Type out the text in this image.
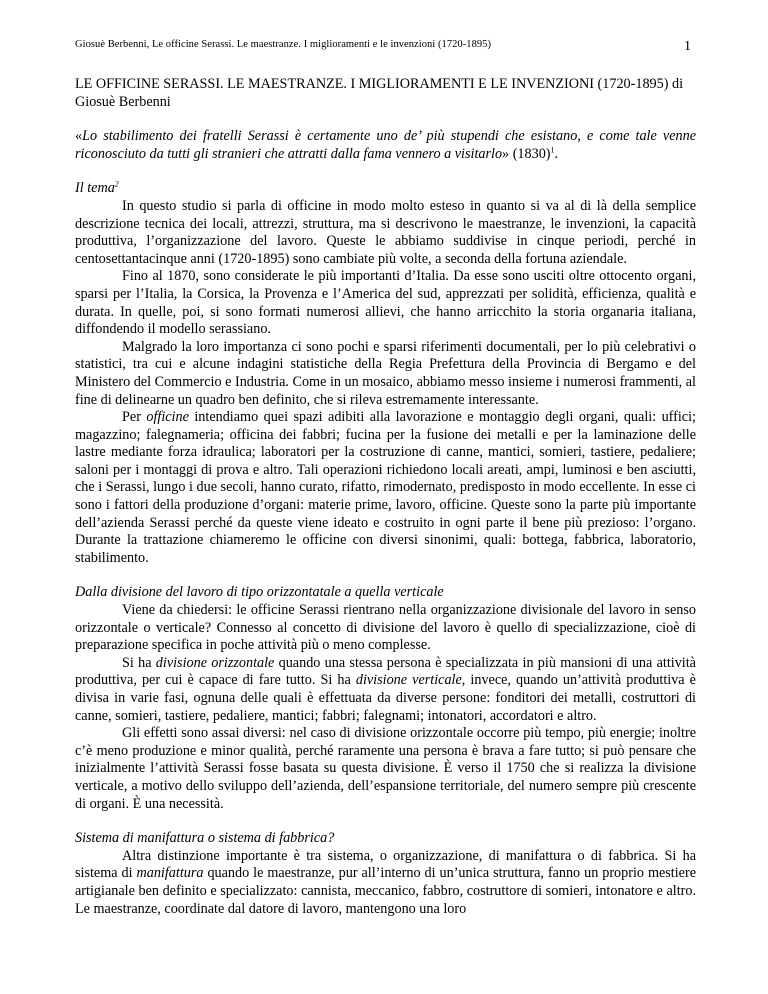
Giosuè Berbenni, Le officine Serassi. Le maestranze. I miglioramenti e le invenzioni (1720-1895)	1
LE OFFICINE SERASSI. LE MAESTRANZE. I MIGLIORAMENTI E LE INVENZIONI (1720-1895) di Giosuè Berbenni

«Lo stabilimento dei fratelli Serassi è certamente uno de’ più stupendi che esistano, e come tale venne riconosciuto da tutti gli stranieri che attratti dalla fama vennero a visitarlo» $(1830)^1$.

Il tema$^2$

In questo studio si parla di officine in modo molto esteso in quanto si va al di là della semplice descrizione tecnica dei locali, attrezzi, struttura, ma si descrivono le maestranze, le invenzioni, la capacità produttiva, l’organizzazione del lavoro. Queste le abbiamo suddivise in cinque periodi, perché in centosettantacinque anni (1720-1895) sono cambiate più volte, a seconda della fortuna aziendale.

Fino al 1870, sono considerate le più importanti d’Italia. Da esse sono usciti oltre ottocento organi, sparsi per l’Italia, la Corsica, la Provenza e l’America del sud, apprezzati per solidità, efficienza, qualità e durata. In quelle, poi, si sono formati numerosi allievi, che hanno arricchito la storia organaria italiana, diffondendo il modello serassiano.

Malgrado la loro importanza ci sono pochi e sparsi riferimenti documentali, per lo più celebrativi o statistici, tra cui e alcune indagini statistiche della Regia Prefettura della Provincia di Bergamo e del Ministero del Commercio e Industria. Come in un mosaico, abbiamo messo insieme i numerosi frammenti, al fine di delinearne un quadro ben definito, che si rileva estremamente interessante.

Per officine intendiamo quei spazi adibiti alla lavorazione e montaggio degli organi, quali: uffici; magazzino; falegnameria; officina dei fabbri; fucina per la fusione dei metalli e per la laminazione delle lastre mediante forza idraulica; laboratori per la costruzione di canne, mantici, somieri, tastiere, pedaliere; saloni per i montaggi di prova e altro. Tali operazioni richiedono locali areati, ampi, luminosi e ben asciutti, che i Serassi, lungo i due secoli, hanno curato, rifatto, rimodernato, predisposto in modo eccellente. In esse ci sono i fattori della produzione d’organi: materie prime, lavoro, officine. Queste sono la parte più importante dell’azienda Serassi perché da queste viene ideato e costruito in ogni parte il bene più prezioso: l’organo. Durante la trattazione chiameremo le officine con diversi sinonimi, quali: bottega, fabbrica, laboratorio, stabilimento.

Dalla divisione del lavoro di tipo orizzontatale a quella verticale

Viene da chiedersi: le officine Serassi rientrano nella organizzazione divisionale del lavoro in senso orizzontale o verticale? Connesso al concetto di divisione del lavoro è quello di specializzazione, cioè di preparazione specifica in poche attività più o meno complesse.

Si ha divisione orizzontale quando una stessa persona è specializzata in più mansioni di una attività produttiva, per cui è capace di fare tutto. Si ha divisione verticale, invece, quando un’attività produttiva è divisa in varie fasi, ognuna delle quali è effettuata da diverse persone: fonditori dei metalli, costruttori di canne, somieri, tastiere, pedaliere, mantici; fabbri; falegnami; intonatori, accordatori e altro.

Gli effetti sono assai diversi: nel caso di divisione orizzontale occorre più tempo, più energie; inoltre c’è meno produzione e minor qualità, perché raramente una persona è brava a fare tutto; si può pensare che inizialmente l’attività Serassi fosse basata su questa divisione. È verso il 1750 che si realizza la divisione verticale, a motivo dello sviluppo dell’azienda, dell’espansione territoriale, del numero sempre più crescente di organi. È una necessità.

Sistema di manifattura o sistema di fabbrica?

Altra distinzione importante è tra sistema, o organizzazione, di manifattura o di fabbrica. Si ha sistema di manifattura quando le maestranze, pur all’interno di un’unica struttura, fanno un proprio mestiere artigianale ben definito e specializzato: cannista, meccanico, fabbro, costruttore di somieri, intonatore e altro. Le maestranze, coordinate dal datore di lavoro, mantengono una loro
